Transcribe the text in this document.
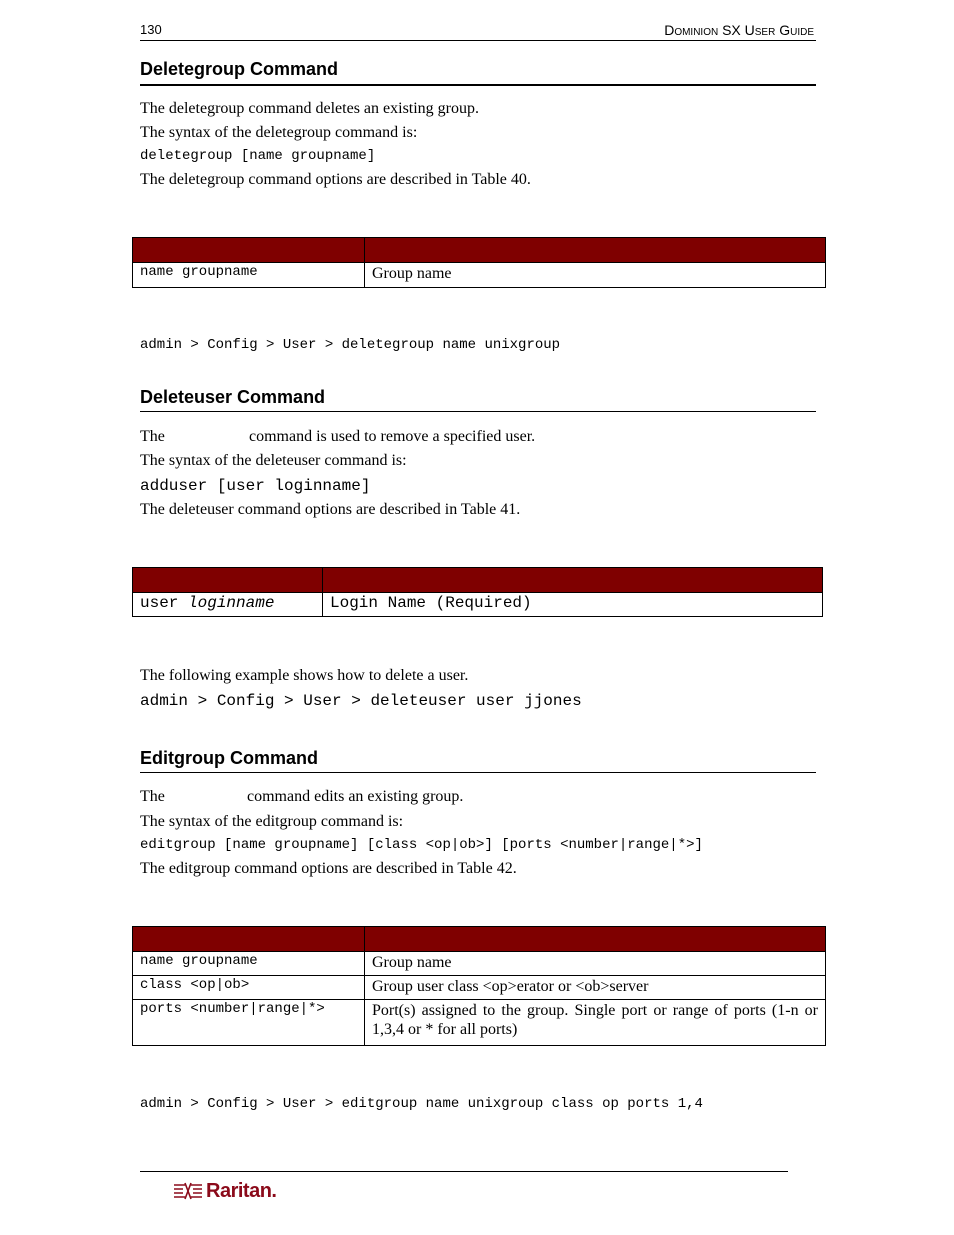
130	Dominion SX User Guide
Deletegroup Command
The deletegroup command deletes an existing group.
The syntax of the deletegroup command is:
deletegroup [name groupname]
The deletegroup command options are described in Table 40.

name groupname	Group name
admin > Config > User > deletegroup name unixgroup
Deleteuser Command
The	command is used to remove a specified user.
The syntax of the deleteuser command is:
adduser [user loginname]
The deleteuser command options are described in Table 41.

user loginname	Login Name (Required)
The following example shows how to delete a user.
admin > Config > User > deleteuser user jjones
Editgroup Command
The	command edits an existing group.
The syntax of the editgroup command is:
editgroup [name groupname] [class <op|ob>] [ports <number|range|*>]
The editgroup command options are described in Table 42.

name groupname	Group name

class <op|ob>	Group user class <op>erator or <ob>server

ports <number|range|*>	Port(s) assigned to the group. Single port or range of ports (1-n or 1,3,4 or * for all ports)
admin > Config > User > editgroup name unixgroup class op ports 1,4
Raritan.
